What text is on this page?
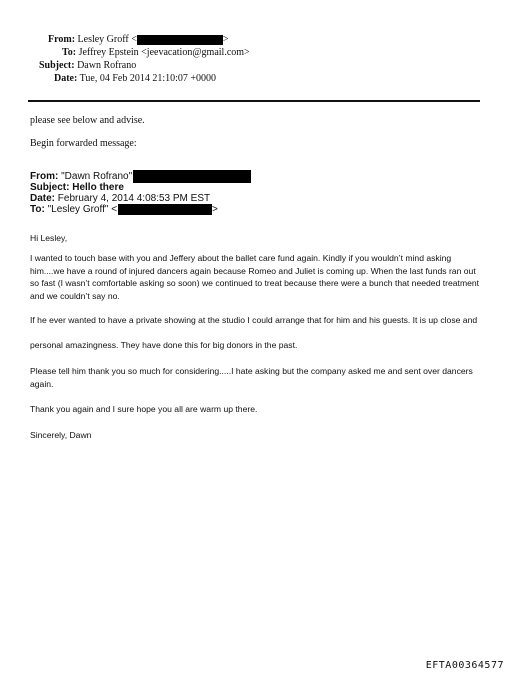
From: Lesley Groff <	>
To: Jeffrey Epstein <jeevacation@gmail.com>
Subject: Dawn Rofrano
Date: Tue, 04 Feb 2014 21:10:07 +0000
please see below and advise.
Begin forwarded message:
From: "Dawn Rofrano"
Subject: Hello there
Date: February 4, 2014 4:08:53 PM EST
To: "Lesley Groff" <	>
Hi Lesley,
I wanted to touch base with you and Jeffery about the ballet care fund again. Kindly if you wouldn’t mind asking him....we have a round of injured dancers again because Romeo and Juliet is coming up. When the last funds ran out so fast (I wasn’t comfortable asking so soon) we continued to treat because there were a bunch that needed treatment and we couldn’t say no.
If he ever wanted to have a private showing at the studio I could arrange that for him and his guests. It is up close and
personal amazingness. They have done this for big donors in the past.
Please tell him thank you so much for considering.....I hate asking but the company asked me and sent over dancers again.
Thank you again and I sure hope you all are warm up there.
Sincerely, Dawn
EFTA00364577
